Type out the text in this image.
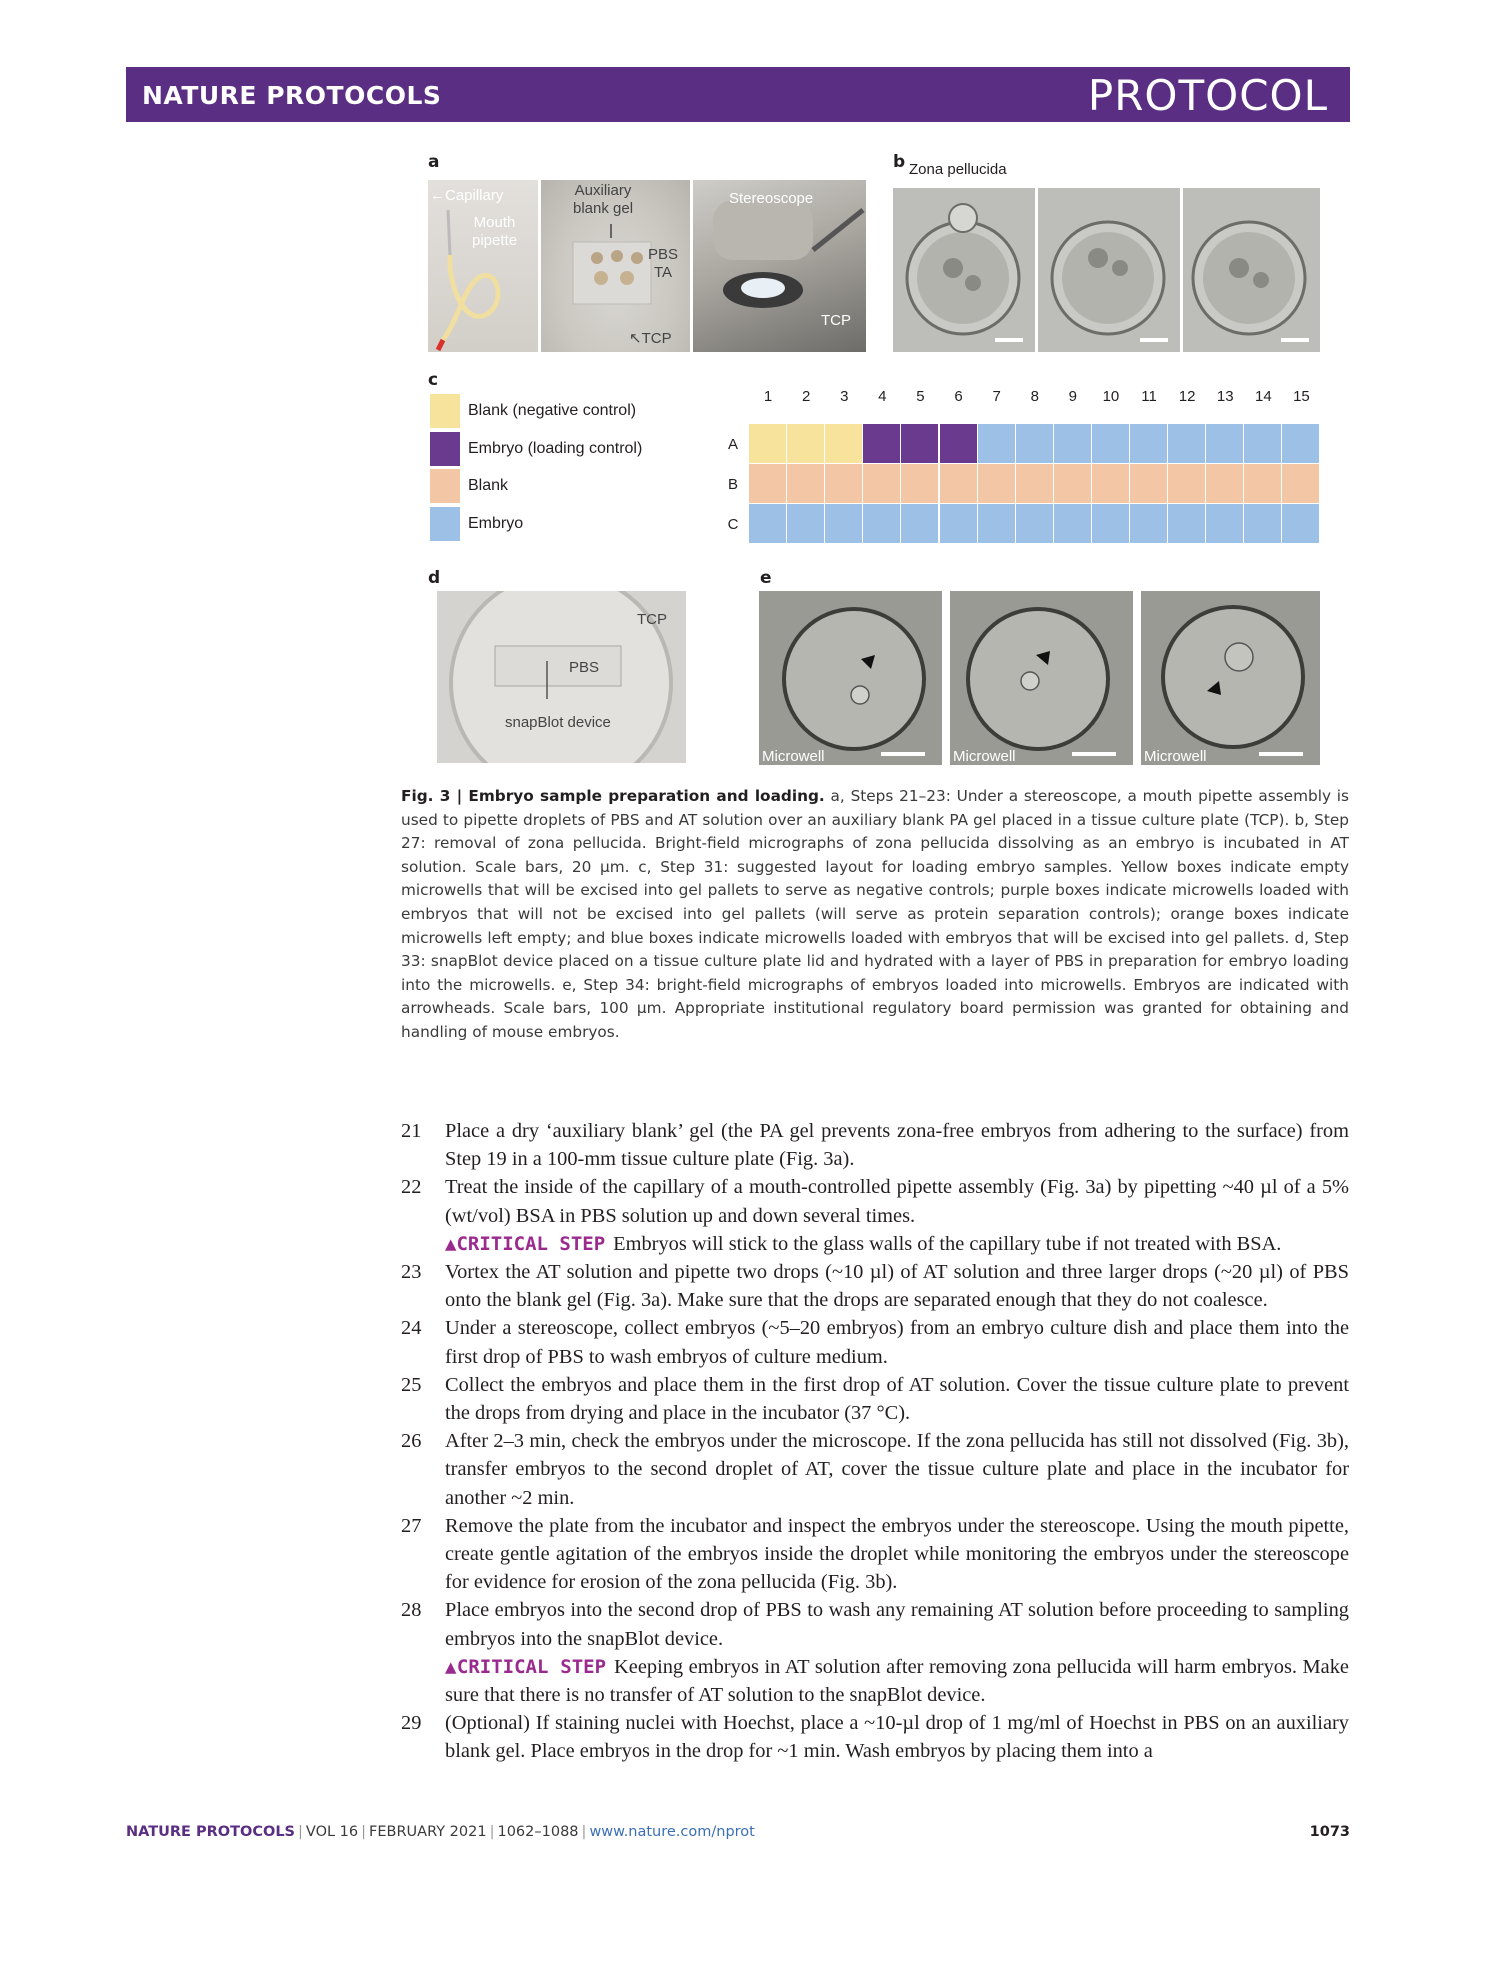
NATURE PROTOCOLS	PROTOCOL
a
←Capillary
Mouth
pipette
Auxiliary
blank gel
PBS
TA
↖TCP
Stereoscope
TCP
b Zona pellucida
c
Blank (negative control)
Embryo (loading control)
Blank
Embryo
1	2	3	4	5	6	7	8	9	10	11	12	13	14	15
A
B
C
d
TCP
PBS
snapBlot device
e
Microwell	Microwell	Microwell
Fig. 3 | Embryo sample preparation and loading. a, Steps 21–23: Under a stereoscope, a mouth pipette assembly is used to pipette droplets of PBS and AT solution over an auxiliary blank PA gel placed in a tissue culture plate (TCP). b, Step 27: removal of zona pellucida. Bright-field micrographs of zona pellucida dissolving as an embryo is incubated in AT solution. Scale bars, 20 μm. c, Step 31: suggested layout for loading embryo samples. Yellow boxes indicate empty microwells that will be excised into gel pallets to serve as negative controls; purple boxes indicate microwells loaded with embryos that will not be excised into gel pallets (will serve as protein separation controls); orange boxes indicate microwells left empty; and blue boxes indicate microwells loaded with embryos that will be excised into gel pallets. d, Step 33: snapBlot device placed on a tissue culture plate lid and hydrated with a layer of PBS in preparation for embryo loading into the microwells. e, Step 34: bright-field micrographs of embryos loaded into microwells. Embryos are indicated with arrowheads. Scale bars, 100 μm. Appropriate institutional regulatory board permission was granted for obtaining and handling of mouse embryos.

21 Place a dry ‘auxiliary blank’ gel (the PA gel prevents zona-free embryos from adhering to the surface) from Step 19 in a 100-mm tissue culture plate (Fig. 3a).

22 Treat the inside of the capillary of a mouth-controlled pipette assembly (Fig. 3a) by pipetting ~40 µl of a 5% (wt/vol) BSA in PBS solution up and down several times.

▲CRITICAL STEP Embryos will stick to the glass walls of the capillary tube if not treated with BSA.

23 Vortex the AT solution and pipette two drops (~10 µl) of AT solution and three larger drops (~20 µl) of PBS onto the blank gel (Fig. 3a). Make sure that the drops are separated enough that they do not coalesce.

24 Under a stereoscope, collect embryos (~5–20 embryos) from an embryo culture dish and place them into the first drop of PBS to wash embryos of culture medium.

25 Collect the embryos and place them in the first drop of AT solution. Cover the tissue culture plate to prevent the drops from drying and place in the incubator (37 °C).

26 After 2–3 min, check the embryos under the microscope. If the zona pellucida has still not dissolved (Fig. 3b), transfer embryos to the second droplet of AT, cover the tissue culture plate and place in the incubator for another ~2 min.

27 Remove the plate from the incubator and inspect the embryos under the stereoscope. Using the mouth pipette, create gentle agitation of the embryos inside the droplet while monitoring the embryos under the stereoscope for evidence for erosion of the zona pellucida (Fig. 3b).

28 Place embryos into the second drop of PBS to wash any remaining AT solution before proceeding to sampling embryos into the snapBlot device.

▲CRITICAL STEP Keeping embryos in AT solution after removing zona pellucida will harm embryos. Make sure that there is no transfer of AT solution to the snapBlot device.

29 (Optional) If staining nuclei with Hoechst, place a ~10-µl drop of 1 mg/ml of Hoechst in PBS on an auxiliary blank gel. Place embryos in the drop for ~1 min. Wash embryos by placing them into a

NATURE PROTOCOLS | VOL 16 | FEBRUARY 2021 | 1062–1088 | www.nature.com/nprot	1073
